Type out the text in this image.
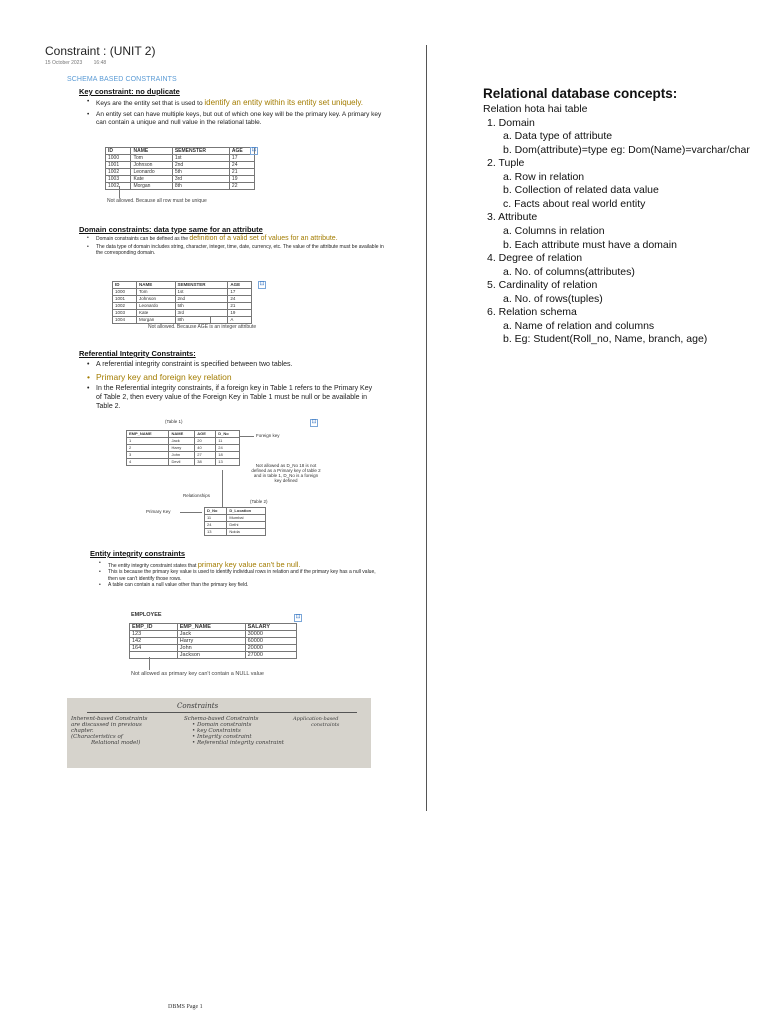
Constraint : (UNIT 2)
15 October 2023 16:48
SCHEMA BASED CONSTRAINTS
Key constraint: no duplicate
• Keys are the entity set that is used to identify an entity within its entity set uniquely.
• An entity set can have multiple keys, but out of which one key will be the primary key. A primary key can contain a unique and null value in the relational table.
ID	NAME	SEMENSTER	AGE
1000	Tom	1st	17
1001	Johnson	2nd	24
1002	Leonardo	5th	21
1003	Kate	3rd	19
1002	Morgan	8th	22
⊡
Not allowed. Because all row must be unique
Domain constraints: data type same for an attribute
• Domain constraints can be defined as the definition of a valid set of values for an attribute.
• The data type of domain includes string, character, integer, time, date, currency, etc. The value of the attribute must be available in the corresponding domain.
ID	NAME	SEMENSTER	AGE
1000	Tom	1st	17
1001	Johnson	2nd	24
1002	Leonardo	5th	21
1003	Kate	3rd	19
1004	Morgan	8th	A
⊡
Not allowed. Because AGE is an integer attribute
Referential Integrity Constraints:
• A referential integrity constraint is specified between two tables.
• Primary key and foreign key relation
• In the Referential integrity constraints, if a foreign key in Table 1 refers to the Primary Key of Table 2, then every value of the Foreign Key in Table 1 must be null or be available in Table 2.
(Table 1)	⊡
EMP_NAME	NAME	AGE	D_No
1	Jack	20	11
2	Harry	40	24
3	John	27	18
4	Devil	38	13
Foreign key
Not allowed as D_No 18 is not defined as a Primary key of table 2 and in table 1, D_No is a foreign key defined
Relationships
(Table 2)
Primary Key	D_No	D_Location
11	Mumbai
24	Delhi
13	Noida
Entity integrity constraints
• The entity integrity constraint states that primary key value can't be null.
• This is because the primary key value is used to identify individual rows in relation and if the primary key has a null value, then we can't identify those rows.
• A table can contain a null value other than the primary key field.
EMPLOYEE	⊡
EMP_ID	EMP_NAME	SALARY
123	Jack	30000
142	Harry	60000
164	John	20000
	Jackson	27000
Not allowed as primary key can't contain a NULL value
Constraints
Inherent-based Constraints
are discussed in previous
chapter.
(Characteristics of
Relational model)
Schema-based Constraints
• Domain constraints
• key Constraints
• Integrity constraint
• Referential integrity constraint
Application-based
constraints
DBMS Page 1
Relational database concepts:
Relation hota hai table
1. Domain
a. Data type of attribute
b. Dom(attribute)=type eg: Dom(Name)=varchar/char
2. Tuple
a. Row in relation
b. Collection of related data value
c. Facts about real world entity
3. Attribute
a. Columns in relation
b. Each attribute must have a domain
4. Degree of relation
a. No. of columns(attributes)
5. Cardinality of relation
a. No. of rows(tuples)
6. Relation schema
a. Name of relation and columns
b. Eg: Student(Roll_no, Name, branch, age)
